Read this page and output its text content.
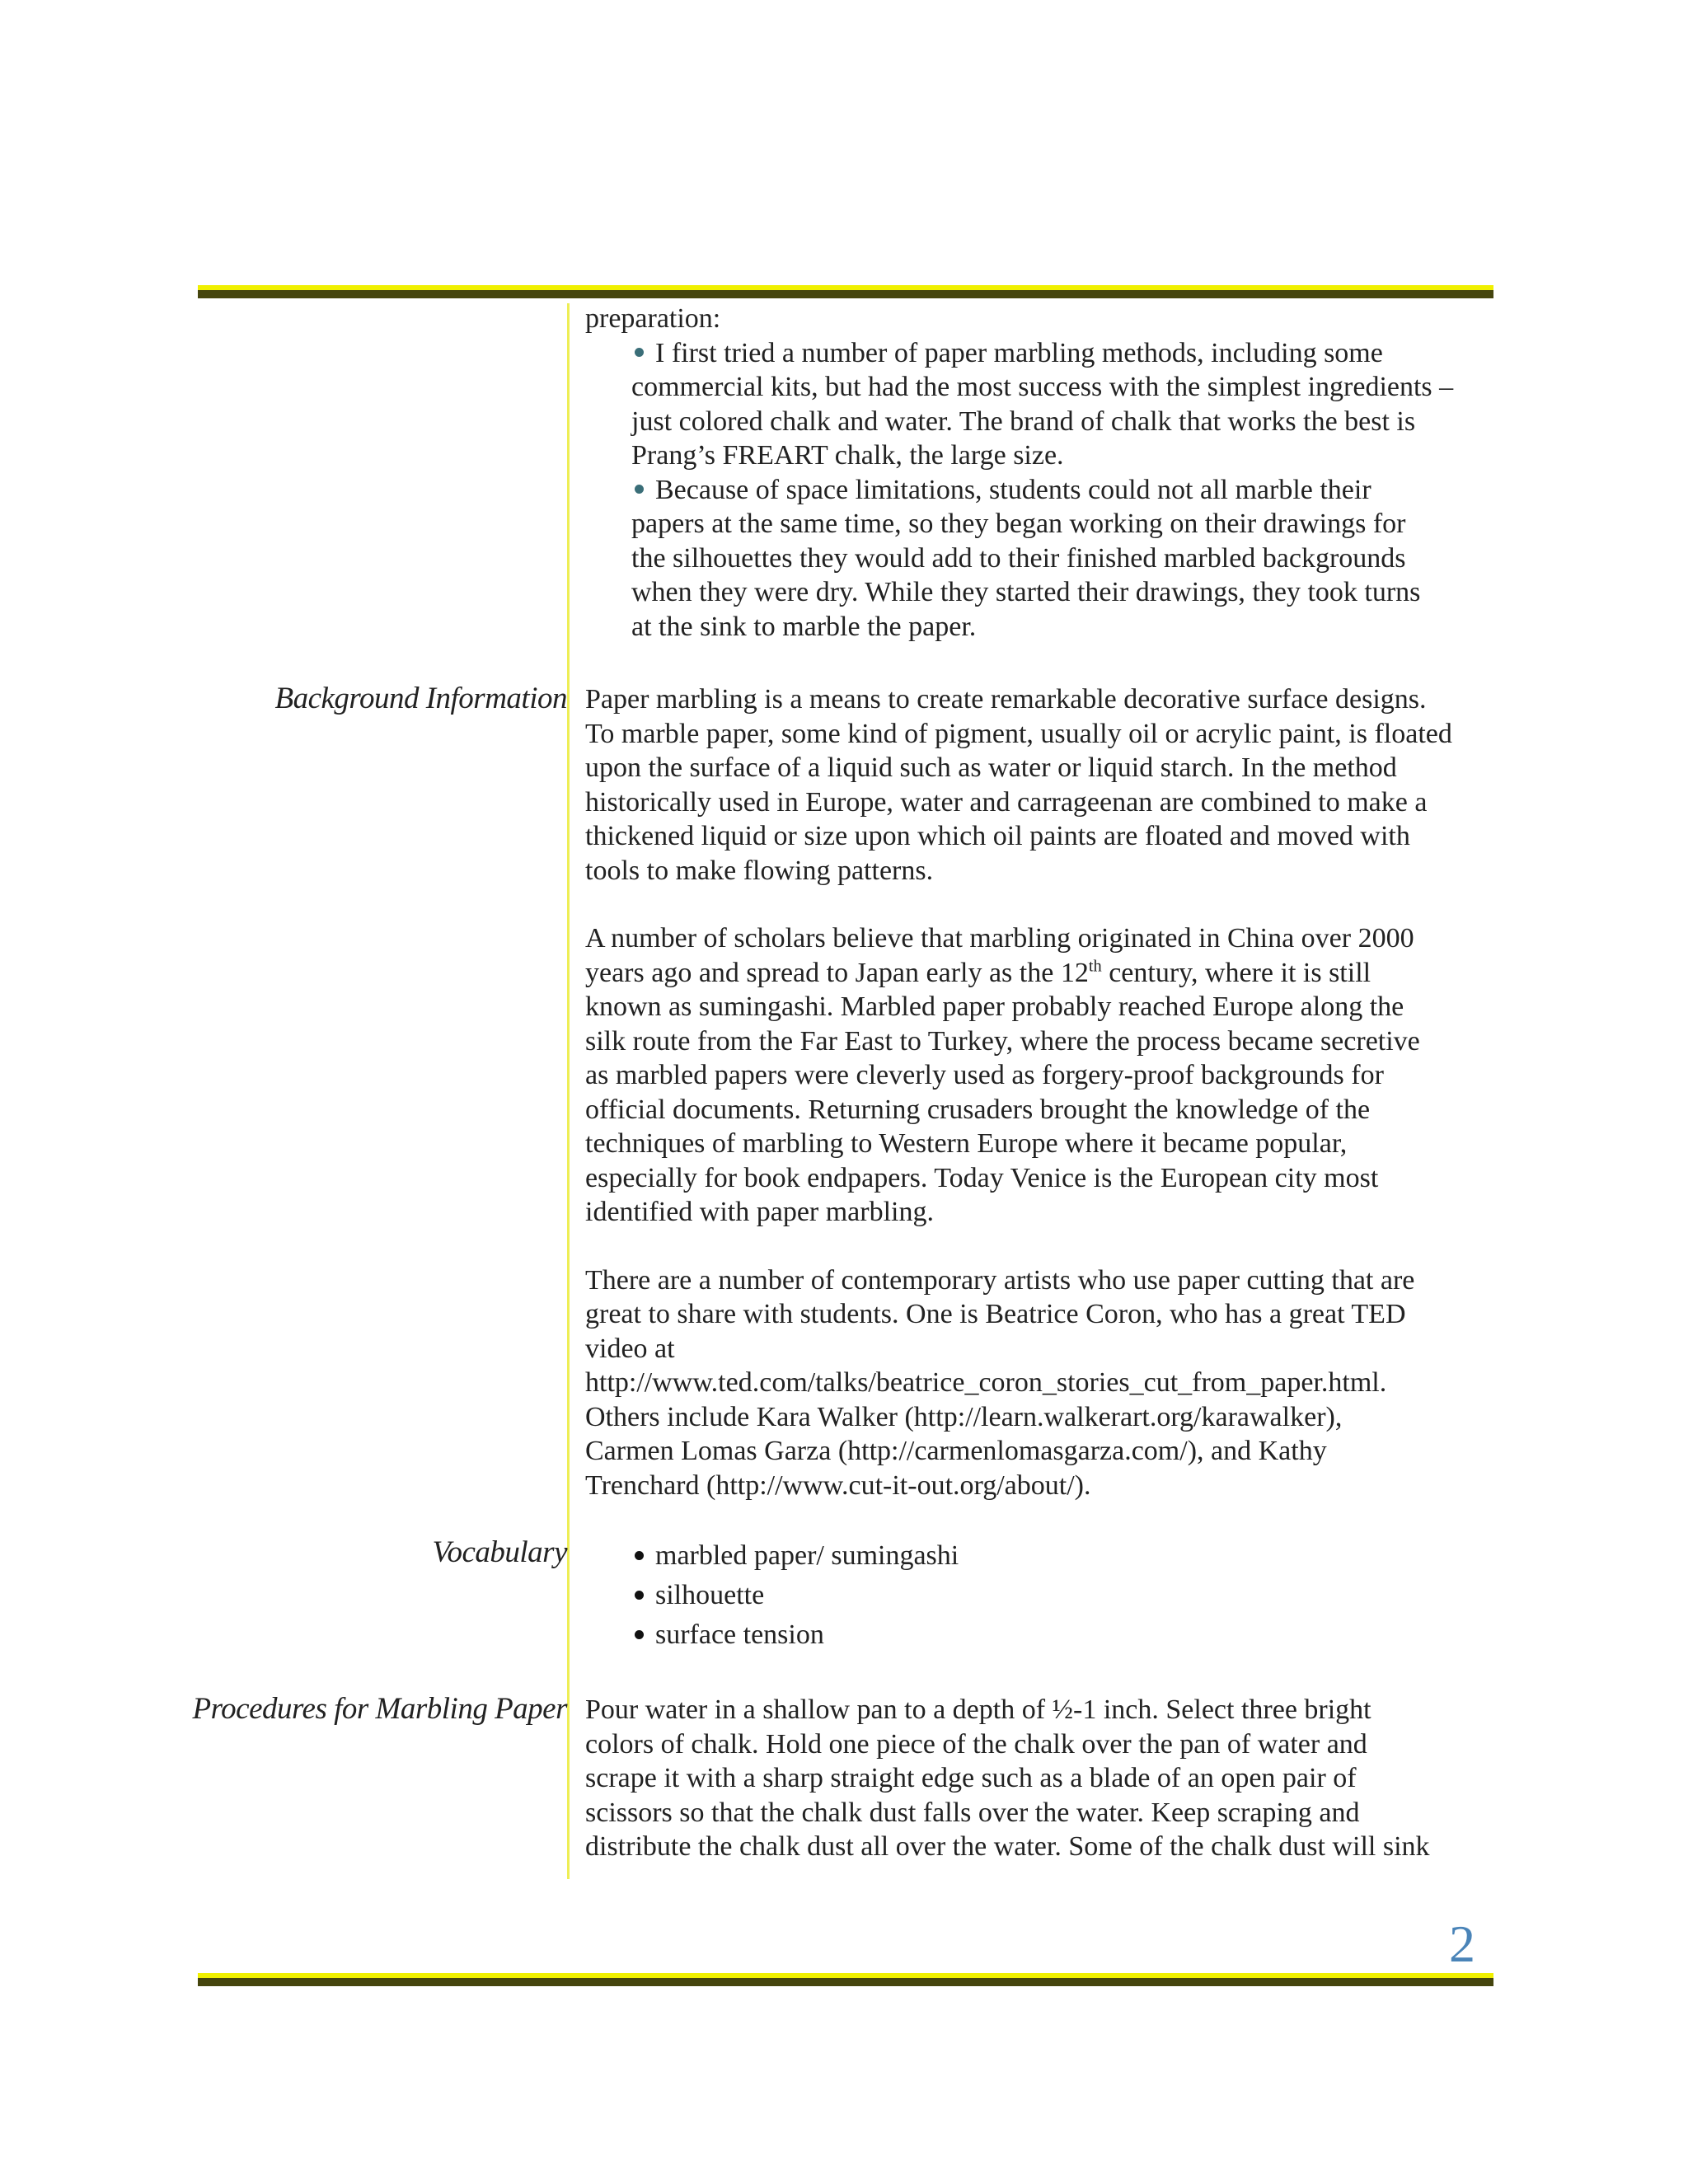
preparation:

I first tried a number of paper marbling methods, including some
commercial kits, but had the most success with the simplest ingredients –
just colored chalk and water. The brand of chalk that works the best is
Prang’s FREART chalk, the large size.
Because of space limitations, students could not all marble their
papers at the same time, so they began working on their drawings for
the silhouettes they would add to their finished marbled backgrounds
when they were dry. While they started their drawings, they took turns
at the sink to marble the paper.
Background Information Paper marbling is a means to create remarkable decorative surface designs.
To marble paper, some kind of pigment, usually oil or acrylic paint, is floated
upon the surface of a liquid such as water or liquid starch. In the method
historically used in Europe, water and carrageenan are combined to make a
thickened liquid or size upon which oil paints are floated and moved with
tools to make flowing patterns.

A number of scholars believe that marbling originated in China over 2000
years ago and spread to Japan early as the 12th century, where it is still
known as sumingashi. Marbled paper probably reached Europe along the
silk route from the Far East to Turkey, where the process became secretive
as marbled papers were cleverly used as forgery-proof backgrounds for
official documents. Returning crusaders brought the knowledge of the
techniques of marbling to Western Europe where it became popular,
especially for book endpapers. Today Venice is the European city most
identified with paper marbling.

There are a number of contemporary artists who use paper cutting that are
great to share with students. One is Beatrice Coron, who has a great TED
video at
http://www.ted.com/talks/beatrice_coron_stories_cut_from_paper.html.
Others include Kara Walker (http://learn.walkerart.org/karawalker),
Carmen Lomas Garza (http://carmenlomasgarza.com/), and Kathy
Trenchard (http://www.cut-it-out.org/about/).

Vocabulary	marbled paper/ sumingashi
silhouette
surface tension
Procedures for Marbling Paper Pour water in a shallow pan to a depth of ½-1 inch. Select three bright
colors of chalk. Hold one piece of the chalk over the pan of water and
scrape it with a sharp straight edge such as a blade of an open pair of
scissors so that the chalk dust falls over the water. Keep scraping and
distribute the chalk dust all over the water. Some of the chalk dust will sink

2
